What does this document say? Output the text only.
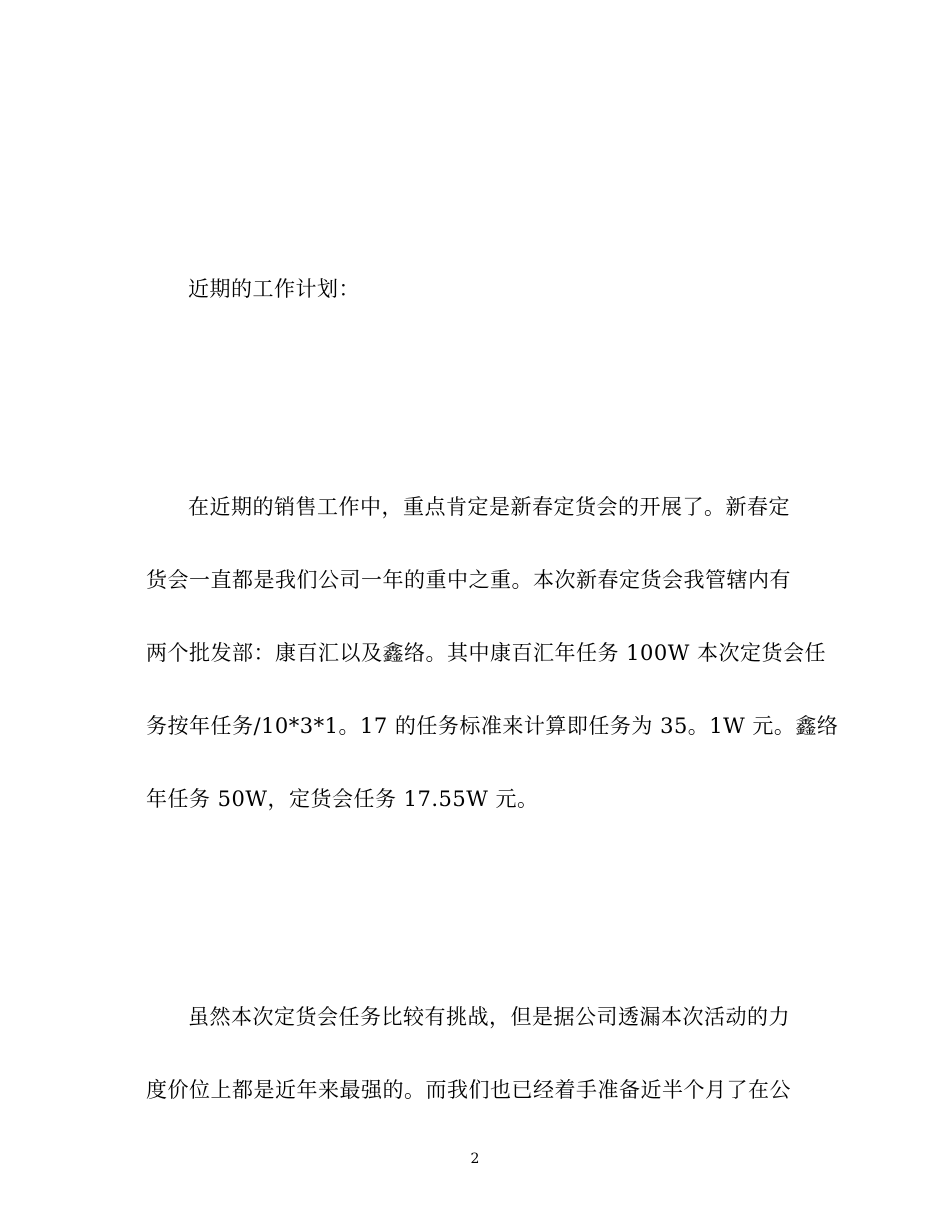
近期的工作计划：
在近期的销售工作中，重点肯定是新春定货会的开展了。新春定
货会一直都是我们公司一年的重中之重。本次新春定货会我管辖内有
两个批发部：康百汇以及鑫络。其中康百汇年任务 100W 本次定货会任
务按年任务/10*3*1。17 的任务标准来计算即任务为 35。1W 元。鑫络
年任务 50W，定货会任务 17.55W 元。
虽然本次定货会任务比较有挑战，但是据公司透漏本次活动的力
度价位上都是近年来最强的。而我们也已经着手准备近半个月了在公
2
